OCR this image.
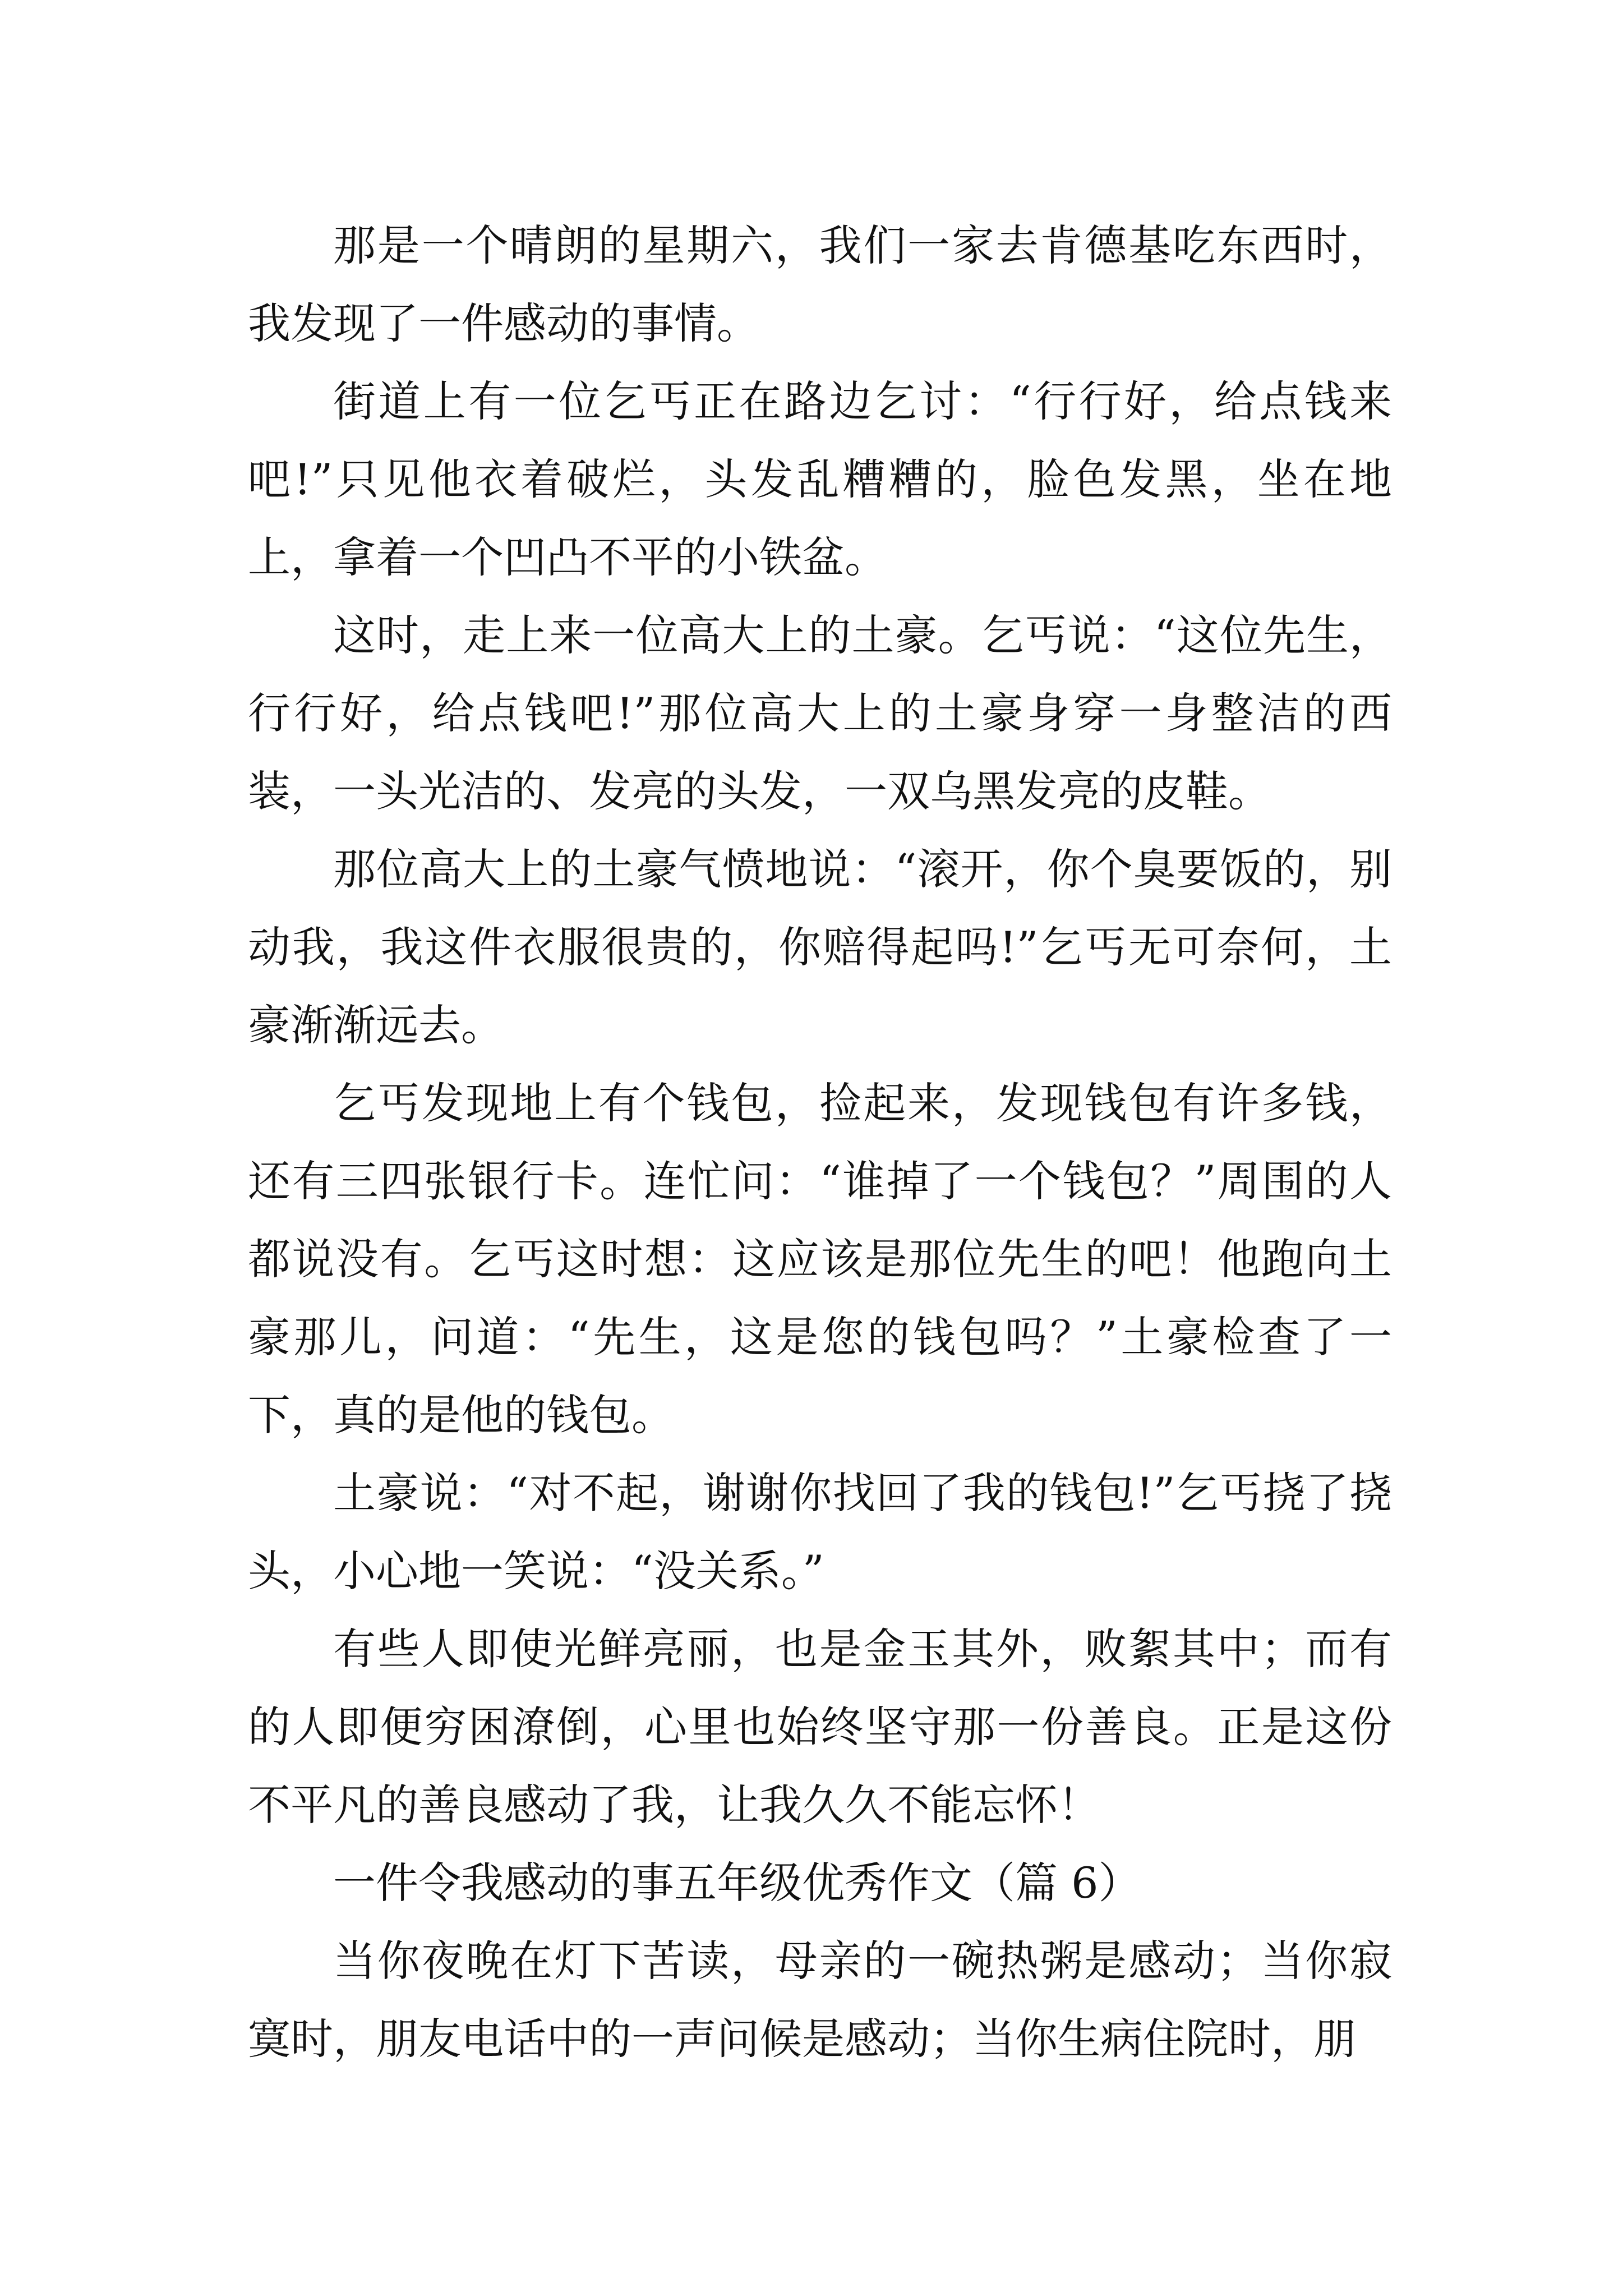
那是一个晴朗的星期六，我们一家去肯德基吃东西时，我发现了一件感动的事情。

街道上有一位乞丐正在路边乞讨：“行行好，给点钱来吧!”只见他衣着破烂，头发乱糟糟的，脸色发黑，坐在地上，拿着一个凹凸不平的小铁盆。

这时，走上来一位高大上的土豪。乞丐说：“这位先生，行行好，给点钱吧!”那位高大上的土豪身穿一身整洁的西装，一头光洁的、发亮的头发，一双乌黑发亮的皮鞋。

那位高大上的土豪气愤地说：“滚开，你个臭要饭的，别动我，我这件衣服很贵的，你赔得起吗!”乞丐无可奈何，土豪渐渐远去。

乞丐发现地上有个钱包，捡起来，发现钱包有许多钱，还有三四张银行卡。连忙问：“谁掉了一个钱包？”周围的人都说没有。乞丐这时想：这应该是那位先生的吧！他跑向土豪那儿，问道：“先生，这是您的钱包吗？”土豪检查了一下，真的是他的钱包。

土豪说：“对不起，谢谢你找回了我的钱包!”乞丐挠了挠头，小心地一笑说：“没关系。”

有些人即使光鲜亮丽，也是金玉其外，败絮其中；而有的人即便穷困潦倒，心里也始终坚守那一份善良。正是这份不平凡的善良感动了我，让我久久不能忘怀！

一件令我感动的事五年级优秀作文（篇 6）

当你夜晚在灯下苦读，母亲的一碗热粥是感动；当你寂寞时，朋友电话中的一声问候是感动；当你生病住院时，朋
